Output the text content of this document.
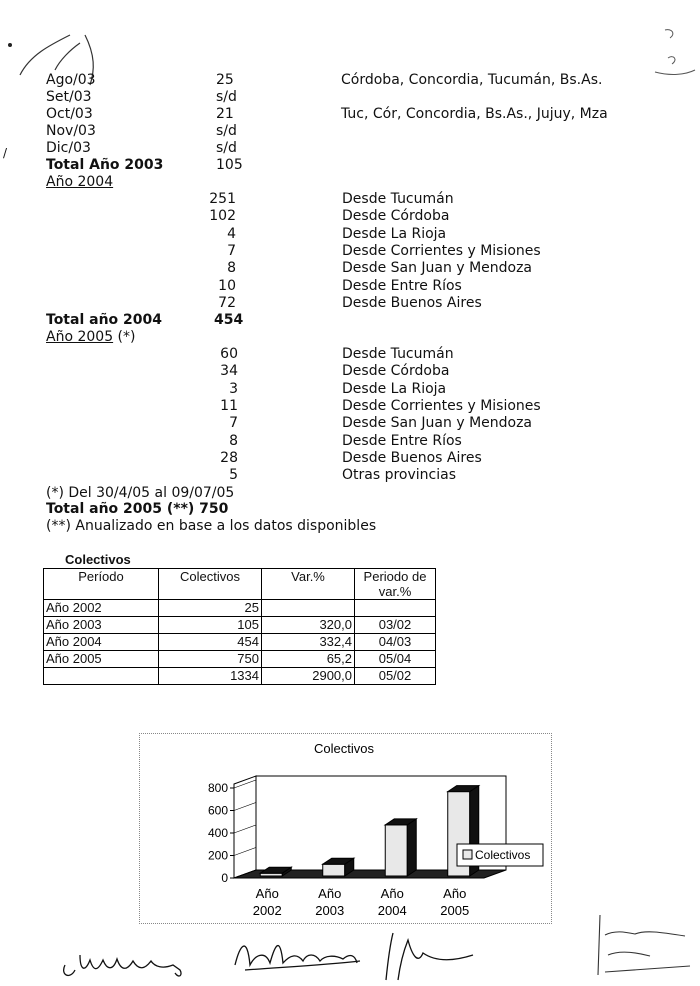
/
Ago/03	25	Córdoba, Concordia, Tucumán, Bs.As.
Set/03	s/d
Oct/03	21	Tuc, Cór, Concordia, Bs.As., Jujuy, Mza
Nov/03	s/d
Dic/03	s/d
Total Año 2003	105
Año 2004
251	Desde Tucumán
102	Desde Córdoba
4	Desde La Rioja
7	Desde Corrientes y Misiones
8	Desde San Juan y Mendoza
10	Desde Entre Ríos
72	Desde Buenos Aires
Total año 2004	454
Año 2005 (*)
60	Desde Tucumán
34	Desde Córdoba
3	Desde La Rioja
11	Desde Corrientes y Misiones
7	Desde San Juan y Mendoza
8	Desde Entre Ríos
28	Desde Buenos Aires
5	Otras provincias
(*) Del 30/4/05 al 09/07/05
Total año 2005 (**) 750
(**) Anualizado en base a los datos disponibles
Colectivos
Período	Colectivos	Var.%	Periodo de var.%
Año 2002	25		
Año 2003	105	320,0	03/02
Año 2004	454	332,4	04/03
Año 2005	750	65,2	05/04
	1334	2900,0	05/02
Colectivos
0
200
400
600
800
Año
2002
Año
2003
Año
2004
Año
2005
Colectivos
